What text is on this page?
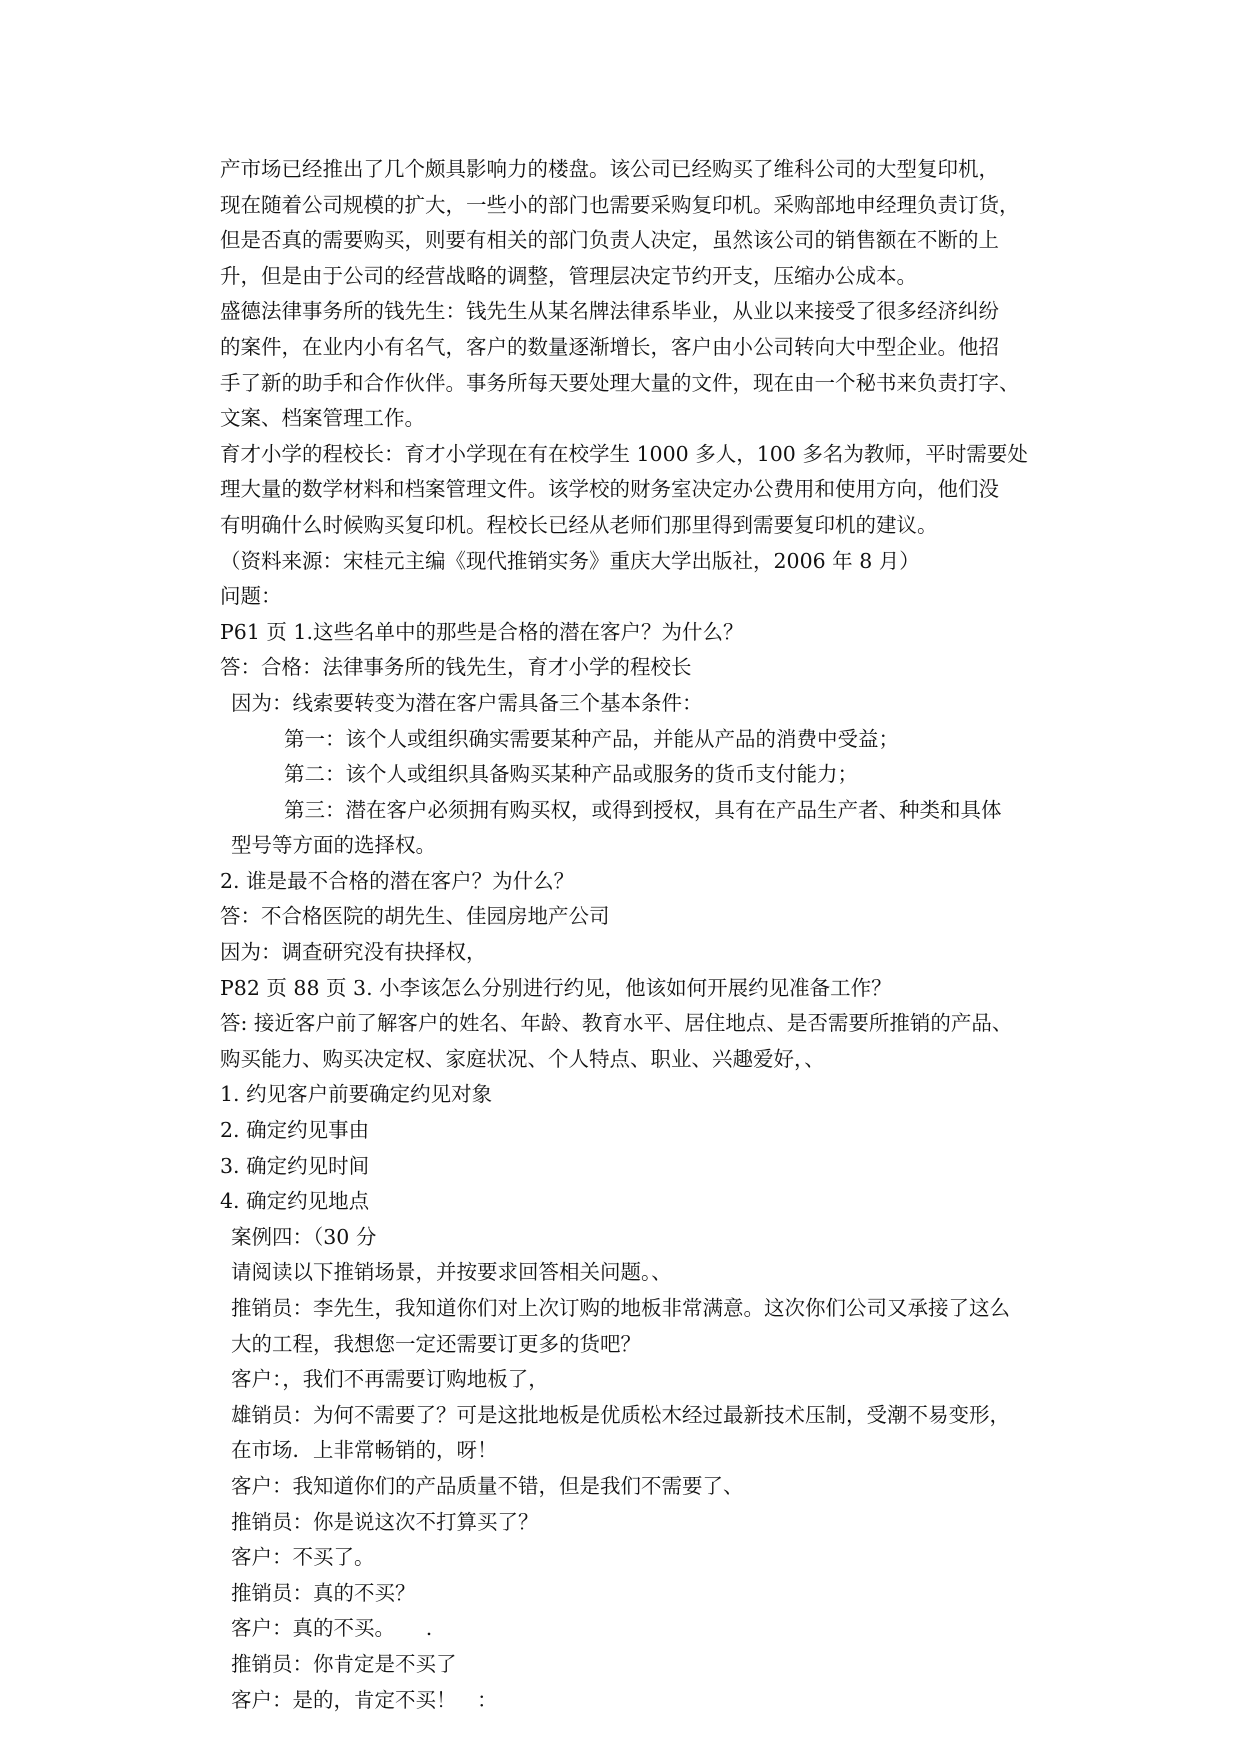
产市场已经推出了几个颇具影响力的楼盘。该公司已经购买了维科公司的大型复印机，
现在随着公司规模的扩大，一些小的部门也需要采购复印机。采购部地申经理负责订货，
但是否真的需要购买，则要有相关的部门负责人决定，虽然该公司的销售额在不断的上
升，但是由于公司的经营战略的调整，管理层决定节约开支，压缩办公成本。
盛德法律事务所的钱先生：钱先生从某名牌法律系毕业，从业以来接受了很多经济纠纷
的案件，在业内小有名气，客户的数量逐渐增长，客户由小公司转向大中型企业。他招
手了新的助手和合作伙伴。事务所每天要处理大量的文件，现在由一个秘书来负责打字、
文案、档案管理工作。
育才小学的程校长：育才小学现在有在校学生 1000 多人，100 多名为教师，平时需要处
理大量的数学材料和档案管理文件。该学校的财务室决定办公费用和使用方向，他们没
有明确什么时候购买复印机。程校长已经从老师们那里得到需要复印机的建议。
（资料来源：宋桂元主编《现代推销实务》重庆大学出版社，2006 年 8 月）
问题：
P61 页 1.这些名单中的那些是合格的潜在客户？为什么？
答：合格：法律事务所的钱先生，育才小学的程校长
因为：线索要转变为潜在客户需具备三个基本条件：
第一：该个人或组织确实需要某种产品，并能从产品的消费中受益；
第二：该个人或组织具备购买某种产品或服务的货币支付能力；
第三：潜在客户必须拥有购买权，或得到授权，具有在产品生产者、种类和具体
型号等方面的选择权。
2. 谁是最不合格的潜在客户？为什么？
答：不合格医院的胡先生、佳园房地产公司
因为：调查研究没有抉择权，
P82 页 88 页 3. 小李该怎么分别进行约见，他该如何开展约见准备工作？
答: 接近客户前了解客户的姓名、年龄、教育水平、居住地点、是否需要所推销的产品、
购买能力、购买决定权、家庭状况、个人特点、职业、兴趣爱好，、
1. 约见客户前要确定约见对象
2. 确定约见事由
3. 确定约见时间
4. 确定约见地点
案例四：（30 分
请阅读以下推销场景，并按要求回答相关问题。、
推销员：李先生，我知道你们对上次订购的地板非常满意。这次你们公司又承接了这么
大的工程，我想您一定还需要订更多的货吧？
客户：，我们不再需要订购地板了，
雄销员：为何不需要了？可是这批地板是优质松木经过最新技术压制，受潮不易变形，
在市场．上非常畅销的，呀！
客户：我知道你们的产品质量不错，但是我们不需要了、
推销员：你是说这次不打算买了？
客户：不买了。
推销员：真的不买？
客户：真的不买。　　.
推销员：你肯定是不买了
客户：是的，肯定不买！　：
